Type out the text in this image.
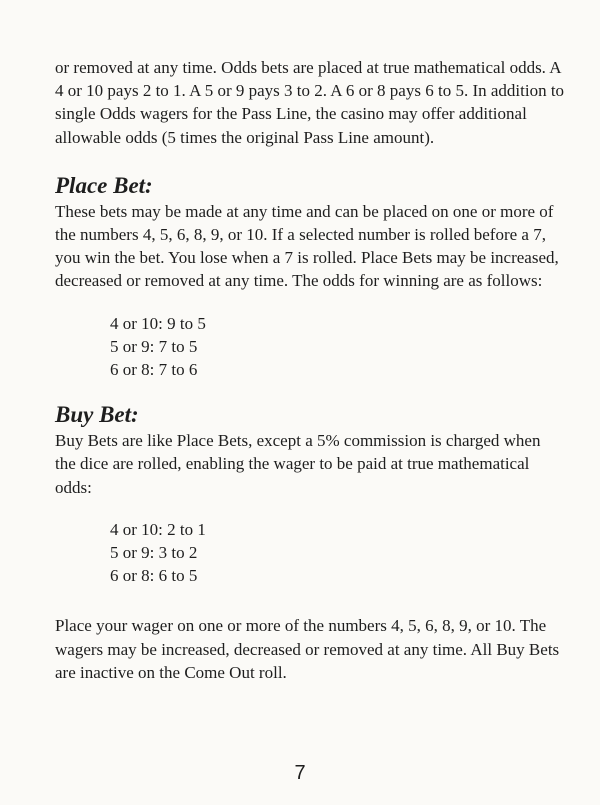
or removed at any time. Odds bets are placed at true mathematical odds. A 4 or 10 pays 2 to 1. A 5 or 9 pays 3 to 2. A 6 or 8 pays 6 to 5. In addition to single Odds wagers for the Pass Line, the casino may offer additional allowable odds (5 times the original Pass Line amount).

Place Bet:

These bets may be made at any time and can be placed on one or more of the numbers 4, 5, 6, 8, 9, or 10. If a selected number is rolled before a 7, you win the bet. You lose when a 7 is rolled. Place Bets may be increased, decreased or removed at any time. The odds for winning are as follows:

4 or 10: 9 to 5
5 or 9: 7 to 5
6 or 8: 7 to 6
Buy Bet:

Buy Bets are like Place Bets, except a 5% commission is charged when the dice are rolled, enabling the wager to be paid at true mathematical odds:

4 or 10: 2 to 1
5 or 9: 3 to 2
6 or 8: 6 to 5

Place your wager on one or more of the numbers 4, 5, 6, 8, 9, or 10. The wagers may be increased, decreased or removed at any time. All Buy Bets are inactive on the Come Out roll.

7
